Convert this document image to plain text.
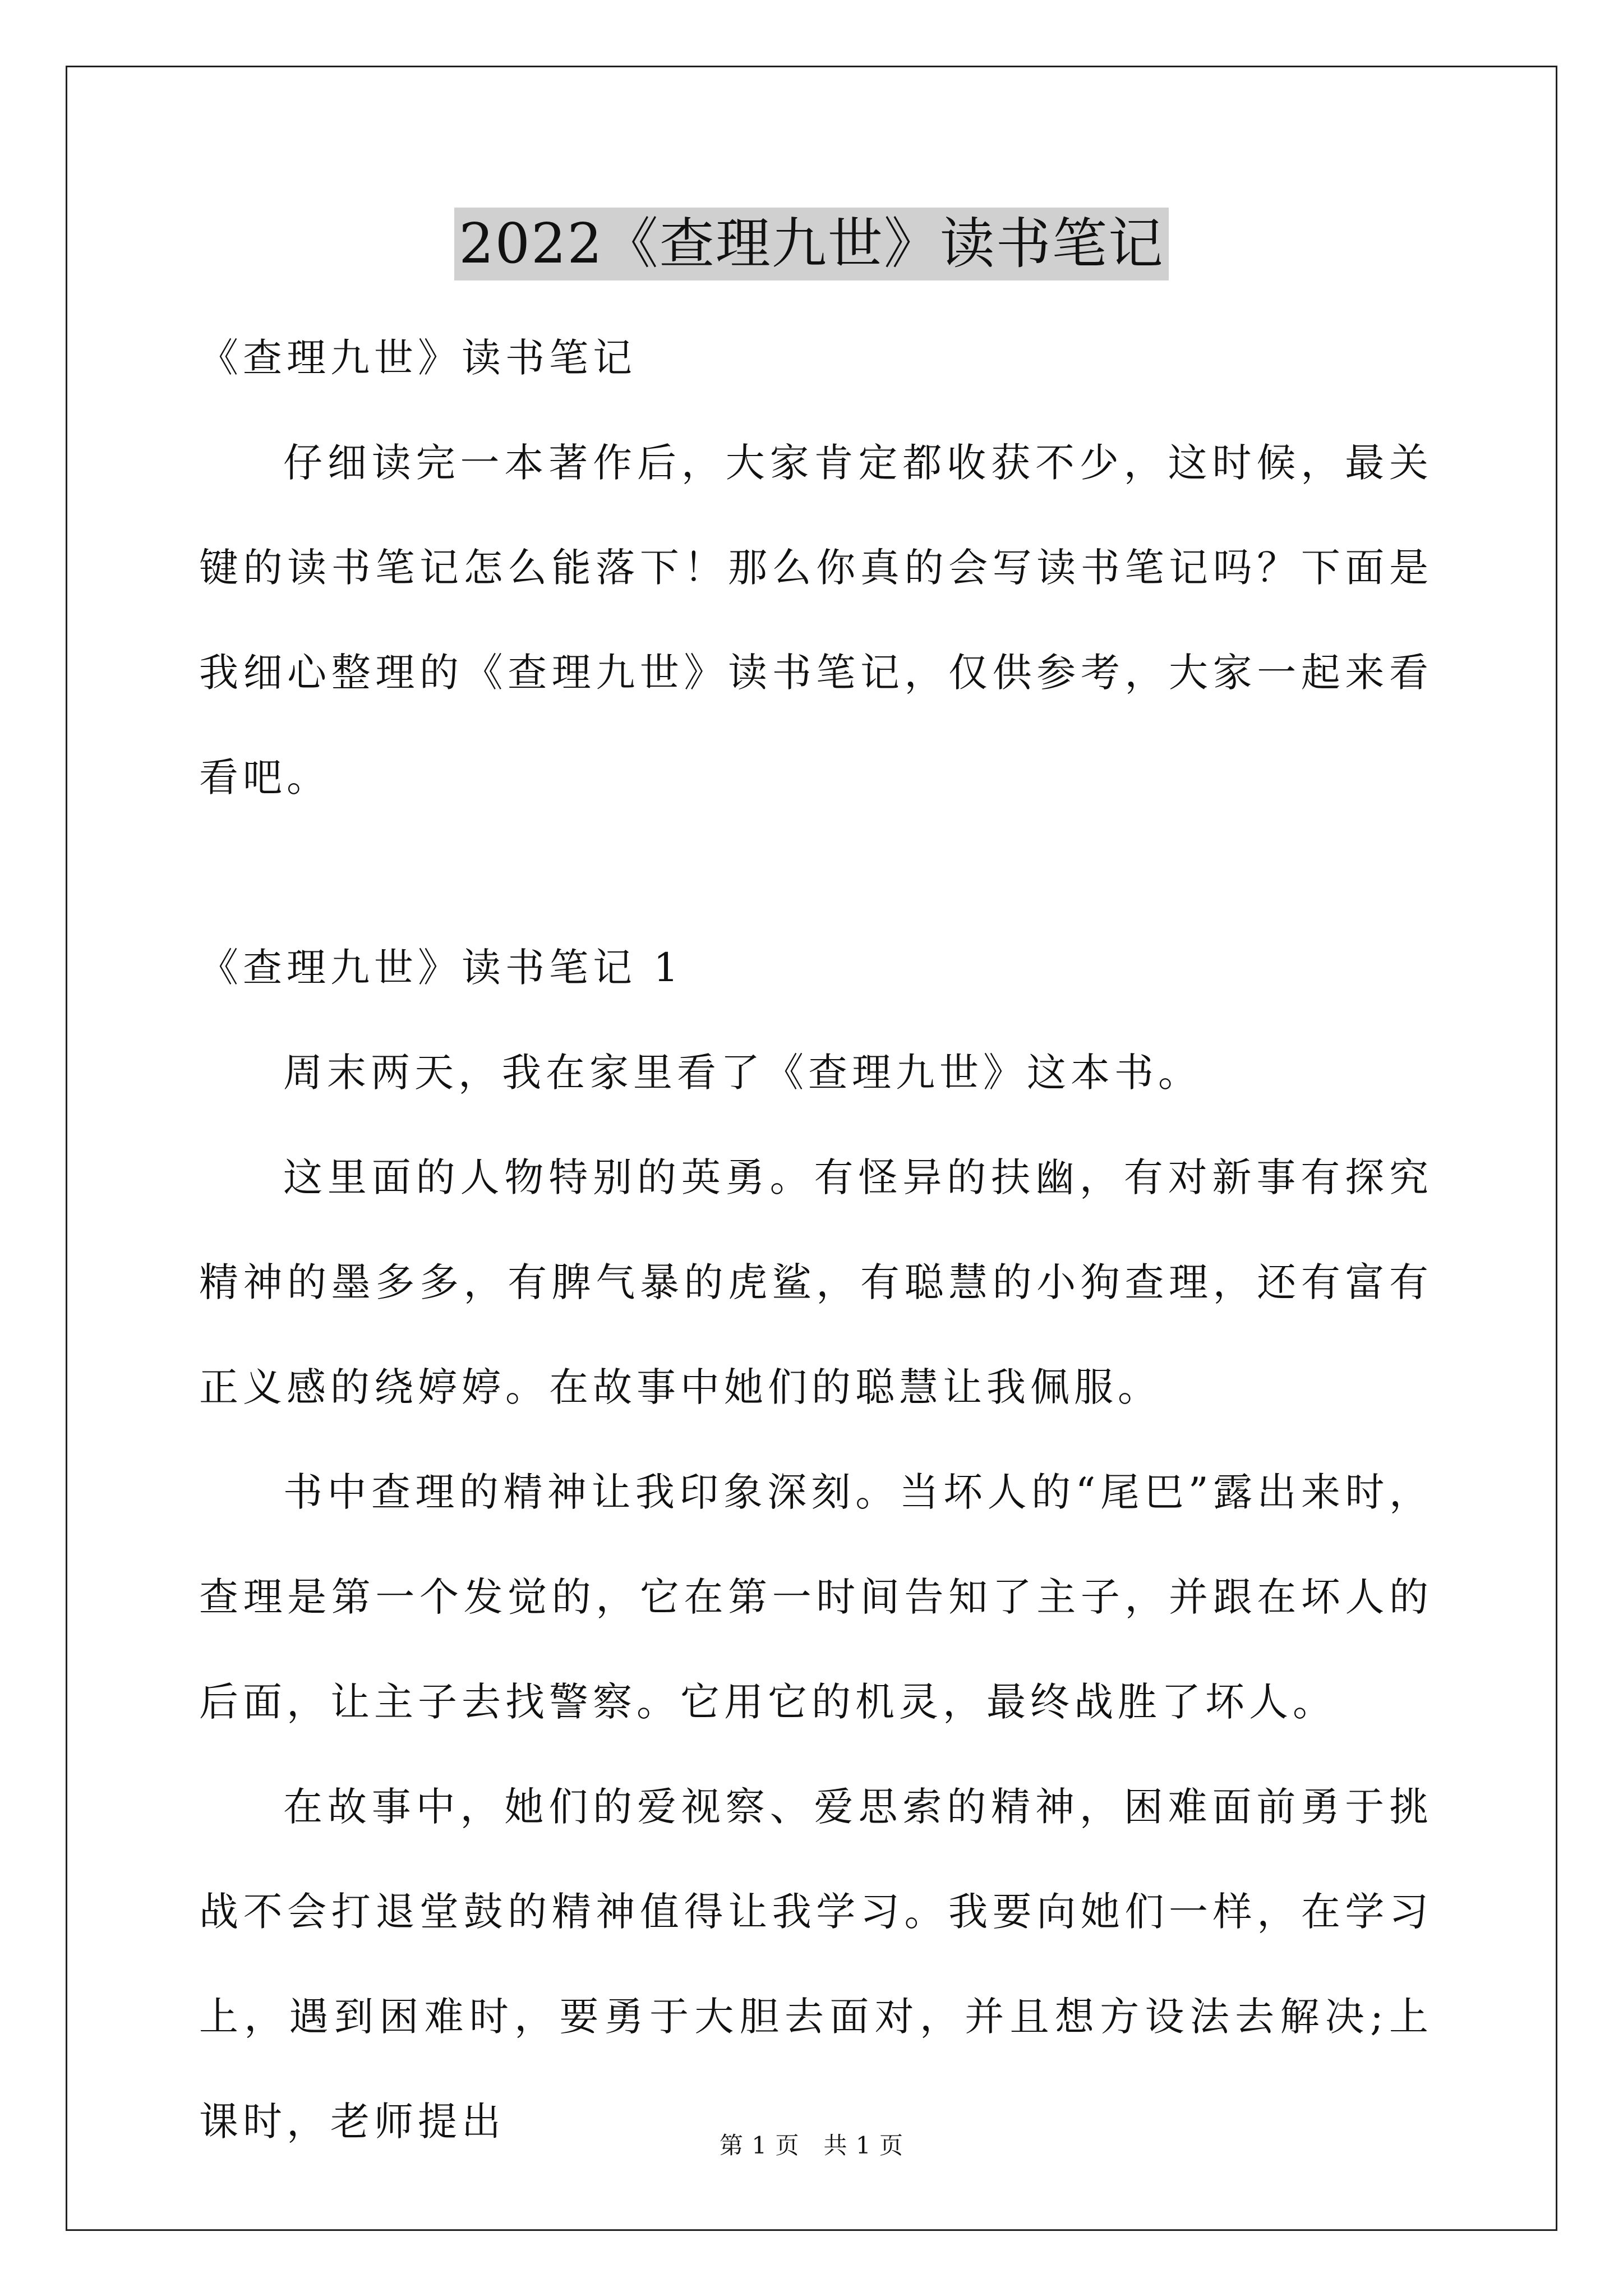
2022《查理九世》读书笔记

《查理九世》读书笔记

仔细读完一本著作后，大家肯定都收获不少，这时候，最关键的读书笔记怎么能落下！那么你真的会写读书笔记吗？下面是我细心整理的《查理九世》读书笔记，仅供参考，大家一起来看看吧。

《查理九世》读书笔记 1

周末两天，我在家里看了《查理九世》这本书。

这里面的人物特别的英勇。有怪异的扶幽，有对新事有探究精神的墨多多，有脾气暴的虎鲨，有聪慧的小狗查理，还有富有正义感的绕婷婷。在故事中她们的聪慧让我佩服。

书中查理的精神让我印象深刻。当坏人的“尾巴”露出来时，查理是第一个发觉的，它在第一时间告知了主子，并跟在坏人的后面，让主子去找警察。它用它的机灵，最终战胜了坏人。

在故事中，她们的爱视察、爱思索的精神，困难面前勇于挑战不会打退堂鼓的精神值得让我学习。我要向她们一样，在学习上，遇到困难时，要勇于大胆去面对，并且想方设法去解决;上课时，老师提出

第 1 页   共 1 页
